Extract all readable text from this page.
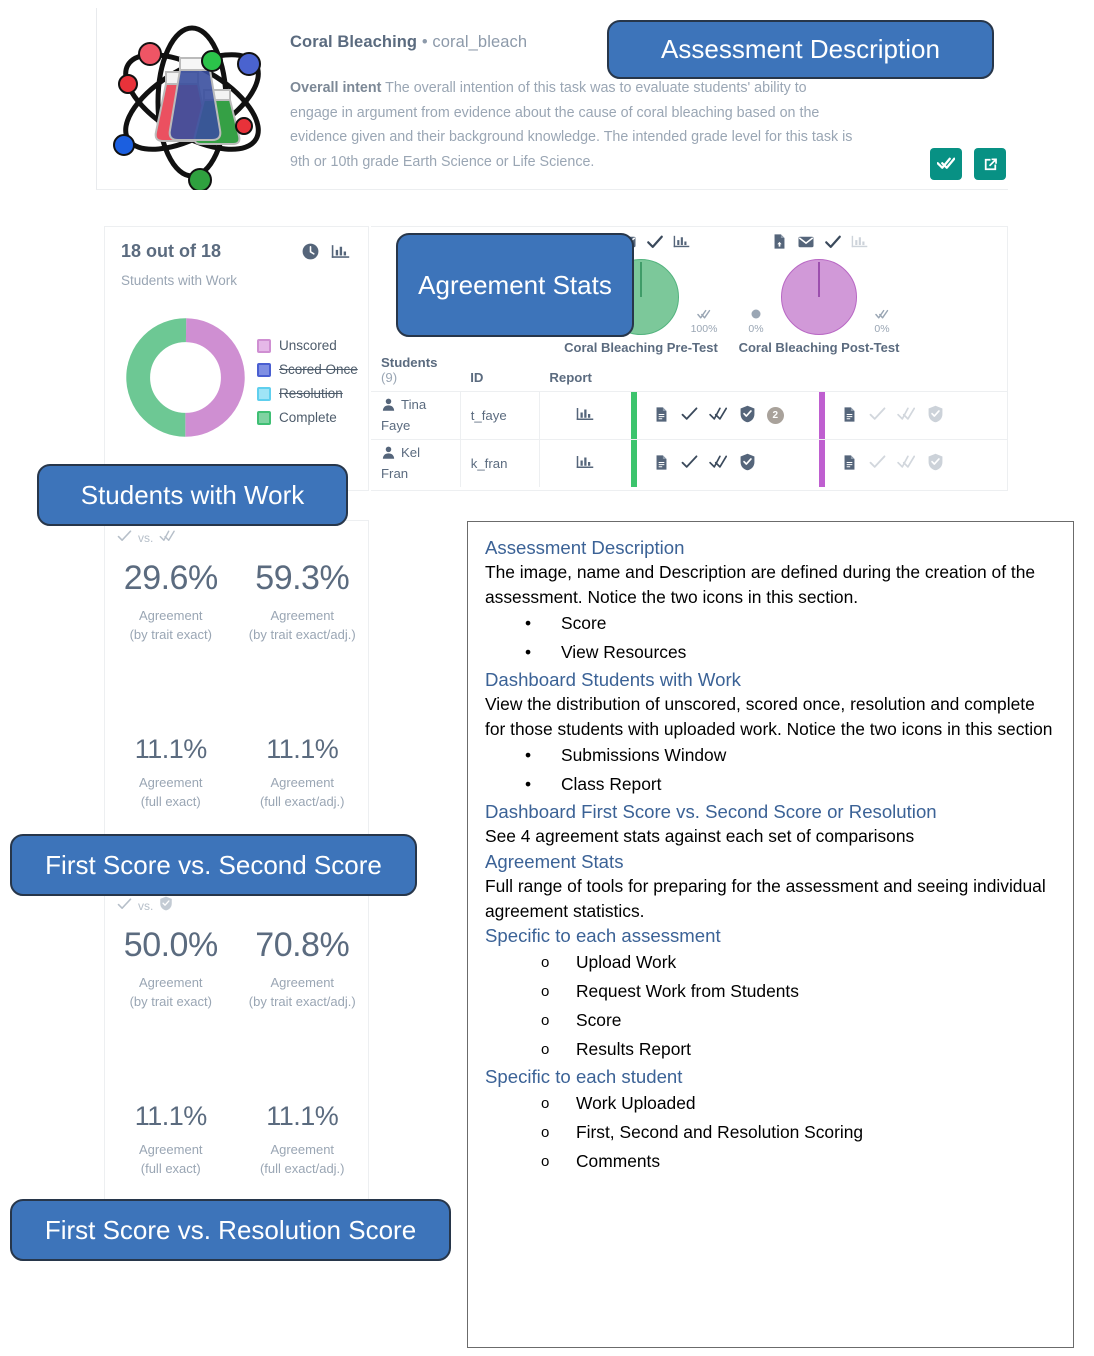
Coral Bleaching • coral_bleach
Overall intent The overall intention of this task was to evaluate students' ability to engage in argument from evidence about the cause of coral bleaching based on the evidence given and their background knowledge. The intended grade level for this task is 9th or 10th grade Earth Science or Life Science.
18 out of 18
Students with Work
Unscored
Scored Once
Resolution
Complete
100%
Coral Bleaching Pre-Test
0%	0%
Coral Bleaching Post-Test
Students
(9)	ID	Report				
Tina Faye	t_faye			2

Kel Fran	k_fran			

vs.
29.6%
Agreement (by trait exact)
59.3%
Agreement (by trait exact/adj.)
11.1%
Agreement (full exact)
11.1%
Agreement (full exact/adj.)
vs.
50.0%
Agreement (by trait exact)
70.8%
Agreement (by trait exact/adj.)
11.1%
Agreement (full exact)
11.1%
Agreement (full exact/adj.)
Assessment Description
Agreement Stats
Students with Work
First Score vs. Second Score
First Score vs. Resolution Score
Assessment Description

The image, name and Description are defined during the creation of the assessment. Notice the two icons in this section.

• Score
• View Resources
Dashboard Students with Work

View the distribution of unscored, scored once, resolution and complete for those students with uploaded work. Notice the two icons in this section

• Submissions Window
• Class Report
Dashboard First Score vs. Second Score or Resolution

See 4 agreement stats against each set of comparisons

Agreement Stats

Full range of tools for preparing for the assessment and seeing individual agreement statistics.

Specific to each assessment
o Upload Work
o Request Work from Students
o Score
o Results Report
Specific to each student
o Work Uploaded
o First, Second and Resolution Scoring
o Comments
